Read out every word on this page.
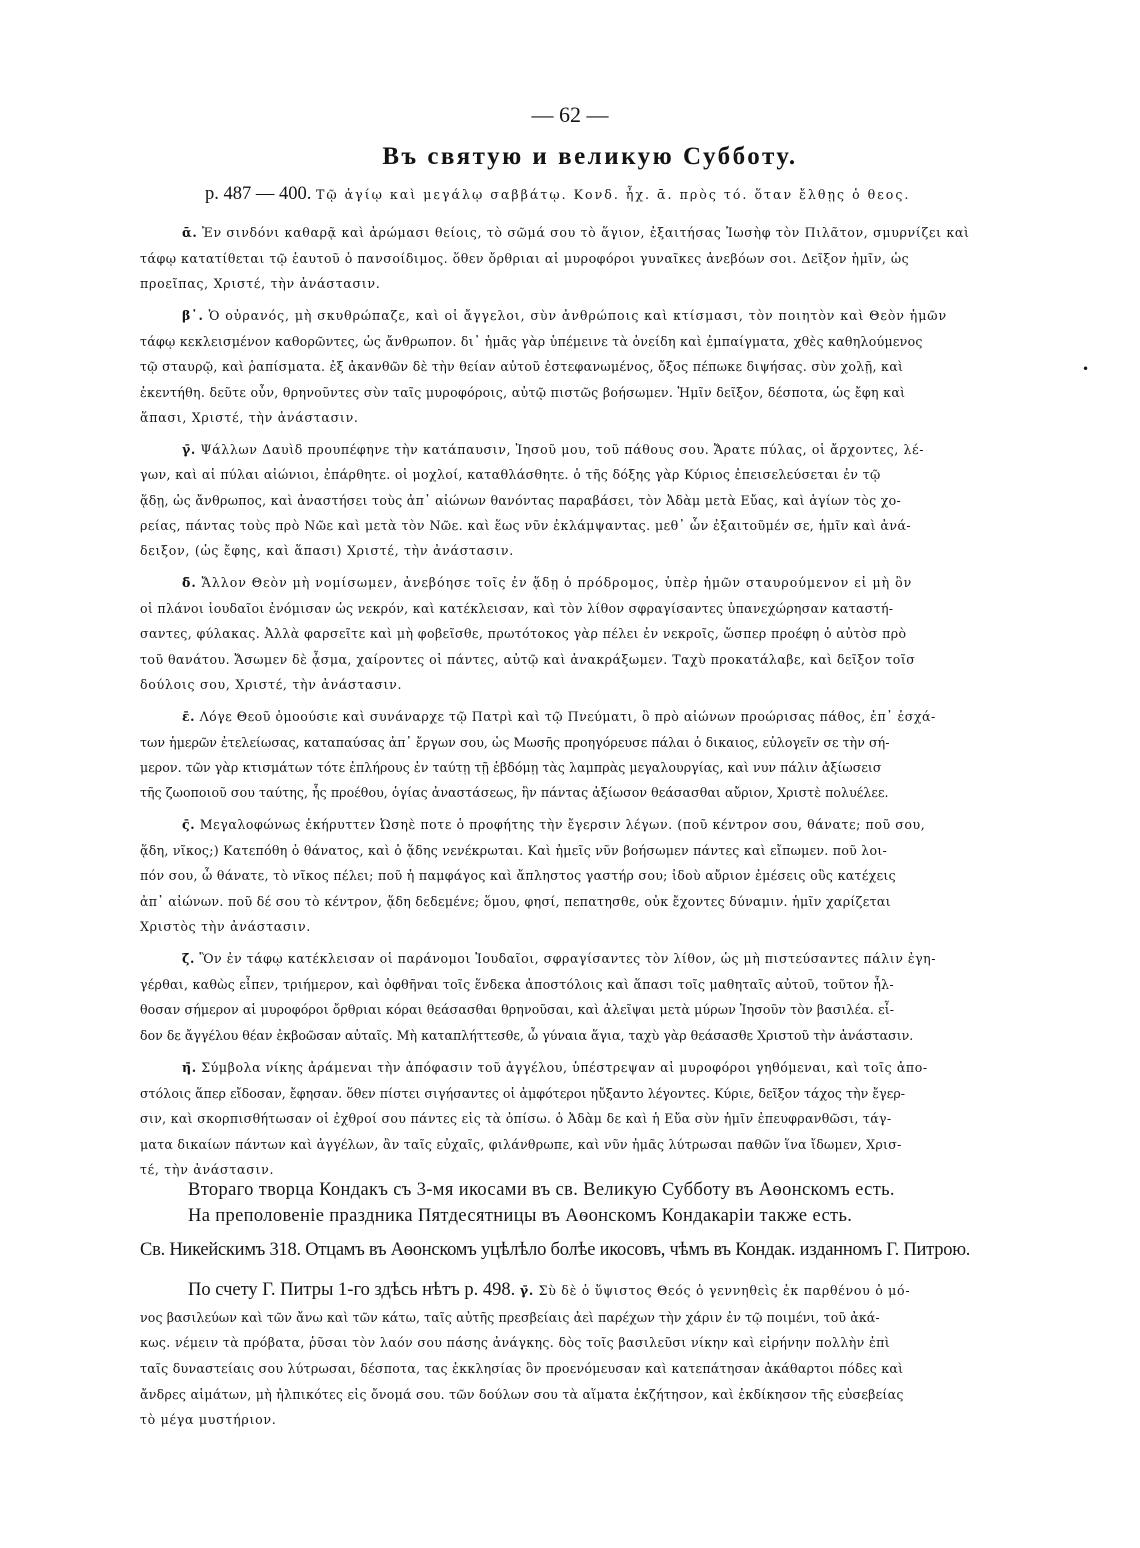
— 62 —
Въ святую и великую Субботу.
р. 487 — 400. Τῷ ἁγίῳ καὶ μεγάλῳ σαββάτῳ. Κονδ. ἦχ. ᾱ. πρὸς τό. ὅταν ἔλθῃς ὁ θεος.
ᾱ. Ἐν σινδόνι καθαρᾷ καὶ ἀρώμασι θείοις, τὸ σῶμά σου τὸ ἅγιον, ἐξαιτήσας Ἰωσὴφ τὸν Πιλᾶτον, σμυρνίζει καὶ
τάφῳ κατατίθεται τῷ ἑαυτοῦ ὁ πανσοίδιμος. ὅθεν ὄρθριαι αἱ μυροφόροι γυναῖκες ἀνεβόων σοι. Δεῖξον ἡμῖν, ὡς
προεῖπας, Χριστέ, τὴν ἀνάστασιν.
β῾. Ὁ οὐρανός, μὴ σκυθρώπαζε, καὶ οἱ ἄγγελοι, σὺν ἀνθρώποις καὶ κτίσμασι, τὸν ποιητὸν καὶ Θεὸν ἡμῶν
τάφῳ κεκλεισμένον καθορῶντες, ὡς ἄνθρωπον. δι᾽ ἡμᾶς γὰρ ὑπέμεινε τὰ ὀνείδη καὶ ἐμπαίγματα, χθὲς καθηλούμενος
τῷ σταυρῷ, καὶ ῥαπίσματα. ἐξ ἀκανθῶν δὲ τὴν θείαν αὐτοῦ ἐστεφανωμένος, ὄξος πέπωκε διψήσας. σὺν χολῇ, καὶ
ἐκεντήθη. δεῦτε οὖν, θρηνοῦντες σὺν ταῖς μυροφόροις, αὐτῷ πιστῶς βοήσωμεν. Ἡμῖν δεῖξον, δέσποτα, ὡς ἔφη καὶ
ἅπασι, Χριστέ, τὴν ἀνάστασιν.
•
γ̄. Ψάλλων Δαυὶδ προυπέφηνε τὴν κατάπαυσιν, Ἰησοῦ μου, τοῦ πάθους σου. Ἄρατε πύλας, οἱ ἄρχοντες, λέ-
γων, καὶ αἱ πύλαι αἰώνιοι, ἐπάρθητε. οἱ μοχλοί, καταθλάσθητε. ὁ τῆς δόξης γὰρ Κύριος ἐπεισελεύσεται ἐν τῷ
ᾅδῃ, ὡς ἄνθρωπος, καὶ ἀναστήσει τοὺς ἀπ᾽ αἰώνων θανόντας παραβάσει, τὸν Ἀδὰμ μετὰ Εὔας, καὶ ἁγίων τὸς χο-
ρείας, πάντας τοὺς πρὸ Νῶε καὶ μετὰ τὸν Νῶε. καὶ ἕως νῦν ἐκλάμψαντας. μεθ᾽ ὧν ἐξαιτοῦμέν σε, ἡμῖν καὶ ἀνά-
δειξον, (ὡς ἔφης, καὶ ἅπασι) Χριστέ, τὴν ἀνάστασιν.
δ̄. Ἄλλον Θεὸν μὴ νομίσωμεν, ἀνεβόησε τοῖς ἐν ᾅδῃ ὁ πρόδρομος, ὑπὲρ ἡμῶν σταυρούμενον εἰ μὴ ὃν
οἱ πλάνοι ἰουδαῖοι ἐνόμισαν ὡς νεκρόν, καὶ κατέκλεισαν, καὶ τὸν λίθον σφραγίσαντες ὑπανεχώρησαν καταστή-
σαντες, φύλακας. Ἀλλὰ φαρσεῖτε καὶ μὴ φοβεῖσθε, πρωτότοκος γὰρ πέλει ἐν νεκροῖς, ὥσπερ προέφη ὁ αὐτὸσ πρὸ
τοῦ θανάτου. Ἄσωμεν δὲ ᾆσμα, χαίροντες οἱ πάντες, αὐτῷ καὶ ἀνακράξωμεν. Ταχὺ προκατάλαβε, καὶ δεῖξον τοῖσ
δούλοις σου, Χριστέ, τὴν ἀνάστασιν.
ε̄. Λόγε Θεοῦ ὁμοούσιε καὶ συνάναρχε τῷ Πατρὶ καὶ τῷ Πνεύματι, ὃ πρὸ αἰώνων προώρισας πάθος, ἐπ᾽ ἐσχά-
των ἡμερῶν ἐτελείωσας, καταπαύσας ἀπ᾽ ἔργων σου, ὡς Μωσῆς προηγόρευσε πάλαι ὁ δικαιος, εὐλογεῖν σε τὴν σή-
μερον. τῶν γὰρ κτισμάτων τότε ἐπλήρους ἐν ταύτῃ τῇ ἑβδόμῃ τὰς λαμπρὰς μεγαλουργίας, καὶ νυν πάλιν ἀξίωσεισ
τῆς ζωοποιοῦ σου ταύτης, ἧς προέθου, ὁγίας ἀναστάσεως, ἣν πάντας ἀξίωσον θεάσασθαι αὔριον, Χριστὲ πολυέλεε.
ς̄. Μεγαλοφώνως ἐκήρυττεν Ὠσηὲ ποτε ὁ προφήτης τὴν ἔγερσιν λέγων. (ποῦ κέντρον σου, θάνατε; ποῦ σου,
ᾅδη, νῖκος;) Κατεπόθη ὁ θάνατος, καὶ ὁ ᾅδης νενέκρωται. Καὶ ἡμεῖς νῦν βοήσωμεν πάντες καὶ εἴπωμεν. ποῦ λοι-
πόν σου, ὦ θάνατε, τὸ νῖκος πέλει; ποῦ ἡ παμφάγος καὶ ἄπληστος γαστήρ σου; ἰδοὺ αὔριον ἐμέσεις οὓς κατέχεις
ἀπ᾽ αἰώνων. ποῦ δέ σου τὸ κέντρον, ᾅδη δεδεμένε; ὅμου, φησί, πεπατησθε, οὐκ ἔχοντες δύναμιν. ἡμῖν χαρίζεται
Χριστὸς τὴν ἀνάστασιν.
ζ̄. Ὃν ἐν τάφῳ κατέκλεισαν οἱ παράνομοι Ἰουδαῖοι, σφραγίσαντες τὸν λίθον, ὡς μὴ πιστεύσαντες πάλιν ἐγη-
γέρθαι, καθὼς εἶπεν, τριήμερον, καὶ ὀφθῆναι τοῖς ἕνδεκα ἀποστόλοις καὶ ἅπασι τοῖς μαθηταῖς αὐτοῦ, τοῦτον ἦλ-
θοσαν σήμερον αἱ μυροφόροι ὄρθριαι κόραι θεάσασθαι θρηνοῦσαι, καὶ ἀλεῖψαι μετὰ μύρων Ἰησοῦν τὸν βασιλέα. εἶ-
δον δε ἄγγέλου θέαν ἐκβοῶσαν αὐταῖς. Μὴ καταπλήττεσθε, ὦ γύναια ἅγια, ταχὺ γὰρ θεάσασθε Χριστοῦ τὴν ἀνάστασιν.
η̄. Σύμβολα νίκης ἀράμεναι τὴν ἀπόφασιν τοῦ ἀγγέλου, ὑπέστρεψαν αἱ μυροφόροι γηθόμεναι, καὶ τοῖς ἀπο-
στόλοις ἅπερ εἴδοσαν, ἔφησαν. ὅθεν πίστει σιγήσαντες οἱ ἀμφότεροι ηὔξαντο λέγοντες. Κύριε, δεῖξον τάχος τὴν ἔγερ-
σιν, καὶ σκορπισθήτωσαν οἱ ἐχθροί σου πάντες εἰς τὰ ὀπίσω. ὁ Ἀδὰμ δε καὶ ἡ Εὔα σὺν ἡμῖν ἐπευφρανθῶσι, τάγ-
ματα δικαίων πάντων καὶ ἀγγέλων, ἂν ταῖς εὐχαῖς, φιλάνθρωπε, καὶ νῦν ἡμᾶς λύτρωσαι παθῶν ἵνα ἴδωμεν, Χρισ-
τέ, τὴν ἀνάστασιν.
Втораго творца Кондакъ съ 3-мя икосами въ св. Великую Субботу въ Аѳонскомъ есть.
На преполовеніе праздника Пятдесятницы въ Аѳонскомъ Кондакаріи также есть.
Св. Никейскимъ 318. Отцамъ въ Аѳонскомъ уцѣлѣло болѣе икосовъ, чѣмъ въ Кондак. изданномъ Г. Питрою.
По счету Г. Питры 1-го здѣсь нѣтъ р. 498. γ̄. Σὺ δὲ ὁ ὕψιστος Θεός ὁ γεννηθεὶς ἐκ παρθένου ὁ μό-
νος βασιλεύων καὶ τῶν ἄνω καὶ τῶν κάτω, ταῖς αὐτῆς πρεσβείαις ἀεὶ παρέχων τὴν χάριν ἐν τῷ ποιμένι, τοῦ ἀκά-
κως. νέμειν τὰ πρόβατα, ῥῦσαι τὸν λαόν σου πάσης ἀνάγκης. δὸς τοῖς βασιλεῦσι νίκην καὶ εἰρήνην πολλὴν ἐπὶ
ταῖς δυναστείαις σου λύτρωσαι, δέσποτα, τας ἐκκλησίας ὃν προενόμευσαν καὶ κατεπάτησαν ἀκάθαρτοι πόδες καὶ
ἄνδρες αἱμάτων, μὴ ἠλπικότες εἰς ὄνομά σου. τῶν δούλων σου τὰ αἵματα ἐκζήτησον, καὶ ἐκδίκησον τῆς εὐσεβείας
τὸ μέγα μυστήριον.
